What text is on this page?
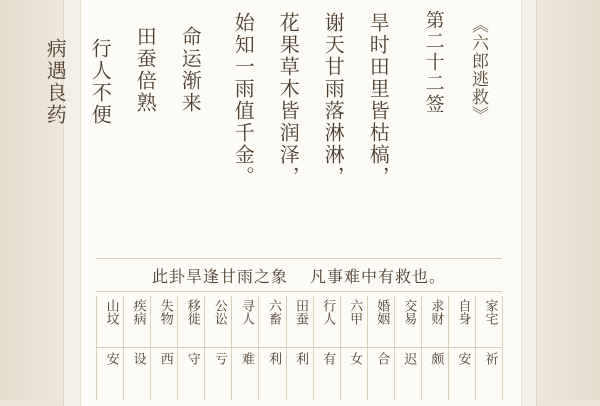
第二十二签	《六郎逃救》
旱时田里皆枯槁，
谢天甘雨落淋淋，
花果草木皆润泽，
始知一雨值千金。
命运渐来
田蚕倍熟
行人不便
病遇良药
此卦旱逢甘雨之象 凡事难中有救也。
家宅
祈
自身
安
求财
颇
交易
迟
婚姻
合
六甲
女
行人
有
田蚕
利
六畜
利
寻人
难
公讼
亏
移徙
守
失物
西
疾病
设
山坟
安
